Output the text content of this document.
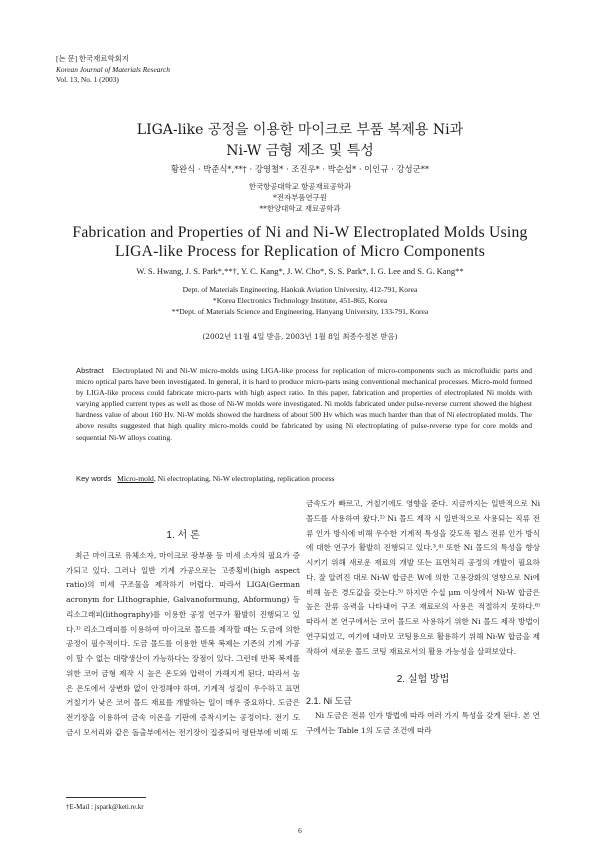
[논 문] 한국재료학회지
Korean Journal of Materials Research
Vol. 13, No. 1 (2003)
LIGA-like 공정을 이용한 마이크로 부품 복제용 Ni과
Ni-W 금형 제조 및 특성
황완식 · 박준식*,**† · 강영철* · 조진우* · 박순섭* · 이인규 · 강성군**
한국항공대학교 항공재료공학과
*전자부품연구원
**한양대학교 재료공학과
Fabrication and Properties of Ni and Ni-W Electroplated Molds Using
LIGA-like Process for Replication of Micro Components
W. S. Hwang, J. S. Park*,**†, Y. C. Kang*, J. W. Cho*, S. S. Park*, I. G. Lee and S. G. Kang**
Dept. of Materials Engineering, Hankuk Aviation University, 412-791, Korea
*Korea Electronics Technology Institute, 451-865, Korea
**Dept. of Materials Science and Engineering, Hanyang University, 133-791, Korea
(2002년 11월 4일 받음, 2003년 1월 8일 최종수정본 받음)
Abstract Electroplated Ni and Ni-W micro-molds using LIGA-like process for replication of micro-components such as microfluidic parts and micro optical parts have been investigated. In general, it is hard to produce micro-parts using conventional mechanical processes. Micro-mold formed by LIGA-like process could fabricate micro-parts with high aspect ratio. In this paper, fabrication and properties of electroplated Ni molds with varying applied current types as well as those of Ni-W molds were investigated. Ni molds fabricated under pulse-reverse current showed the highest hardness value of about 160 Hv. Ni-W molds showed the hardness of about 500 Hv which was much harder than that of Ni electroplated molds. The above results suggested that high quality micro-molds could be fabricated by using Ni electroplating of pulse-reverse type for core molds and sequential Ni-W alloys coating.
Key words Micro-mold, Ni electroplating, Ni-W electroplating, replication process
1. 서 론

최근 마이크로 유체소자, 마이크로 광부품 등 미세 소자의 필요가 증가되고 있다. 그러나 일반 기계 가공으로는 고종횡비(high aspect ratio)의 미세 구조물을 제작하기 어렵다. 따라서 LIGA(German acronym for LIthographie, Galvanoformung, Abformung) 등 리소그래피(lithography)를 이용한 공정 연구가 활발히 진행되고 있다.¹⁾ 리소그래피를 이용하여 마이크로 몰드를 제작할 때는 도금에 의한 공정이 필수적이다. 도금 몰드를 이용한 반복 복제는 기존의 기계 가공이 할 수 없는 대량생산이 가능하다는 장점이 있다. 그런데 반복 복제를 위한 코어 금형 제작 시 높은 온도와 압력이 가해지게 된다. 따라서 높은 온도에서 상변화 없이 안정해야 하며, 기계적 성질이 우수하고 표면 거칠기가 낮은 코어 몰드 재료를 개발하는 일이 매우 중요하다. 도금은 전기장을 이용하여 금속 이온을 기판에 증착시키는 공정이다. 전기 도금시 모서리와 같은 돌출부에서는 전기장이 집중되어 평탄부에 비해 도

금속도가 빠르고, 거칠기에도 영향을 준다. 지금까지는 일반적으로 Ni 몰드를 사용하여 왔다.²⁾ Ni 몰드 제작 시 일반적으로 사용되는 직류 전류 인가 방식에 비해 우수한 기계적 특성을 갖도록 펄스 전류 인가 방식에 대한 연구가 활발히 진행되고 있다.³,⁴⁾ 또한 Ni 몰드의 특성을 향상시키기 위해 새로운 재료의 개발 또는 표면처리 공정의 개발이 필요하다. 잘 알려진 대로 Ni-W 합금은 W에 의한 고용강화의 영향으로 Ni에 비해 높은 경도값을 갖는다.⁵⁾ 하지만 수십 μm 이상에서 Ni-W 합금은 높은 잔류 응력을 나타내어 구조 재료로의 사용은 적절하지 못하다.⁶⁾ 따라서 본 연구에서는 코어 몰드로 사용하기 위한 Ni 몰드 제작 방법이 연구되었고, 여기에 내마모 코팅용으로 활용하기 위해 Ni-W 합금을 제작하여 새로운 몰드 코팅 재료로서의 활용 가능성을 살펴보았다.

2. 실험 방법
2.1. Ni 도금

Ni 도금은 전류 인가 방법에 따라 여러 가지 특성을 갖게 된다. 본 연구에서는 Table 1의 도금 조건에 따라

†E-Mail : jspark@keti.re.kr
6
